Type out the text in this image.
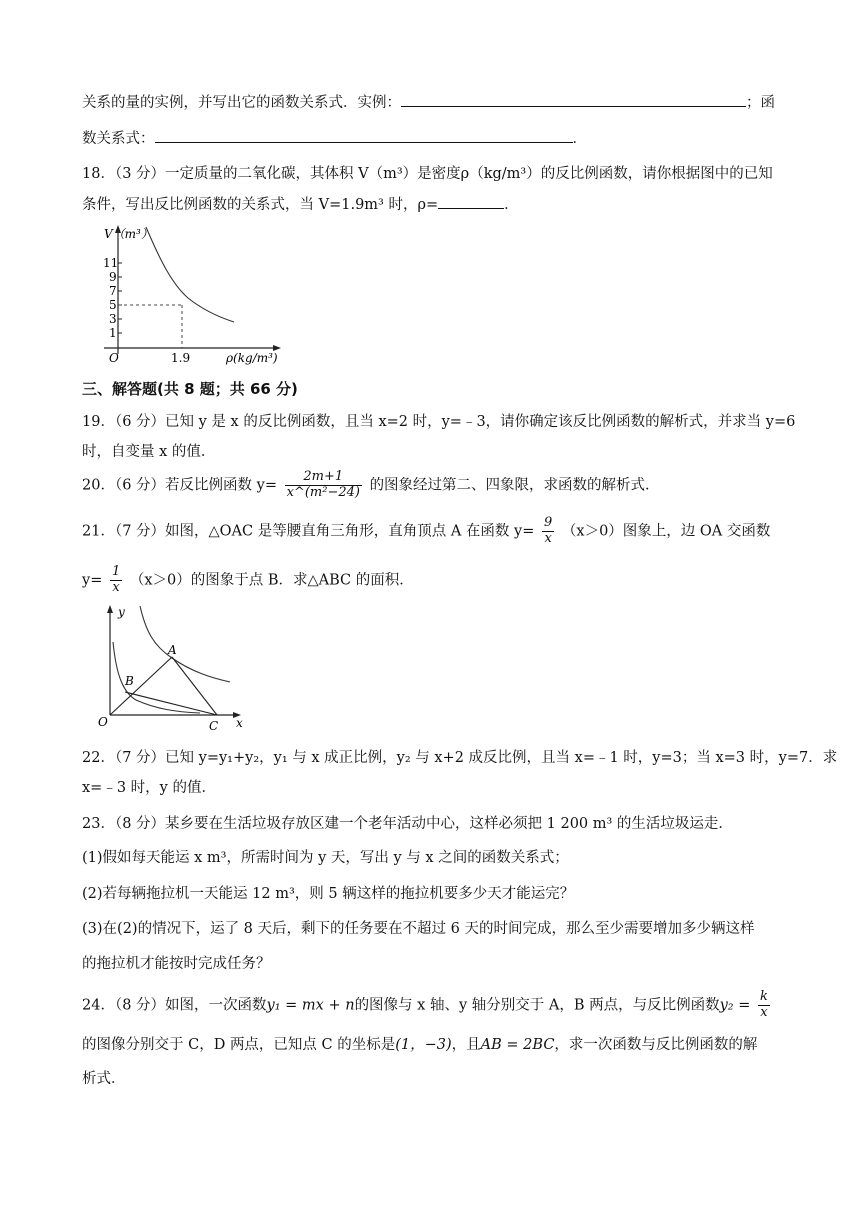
关系的量的实例，并写出它的函数关系式．实例：	；函
数关系式：	．
18．（3 分）一定质量的二氧化碳，其体积 V（m³）是密度ρ（kg/m³）的反比例函数，请你根据图中的已知
条件，写出反比例函数的关系式，当 V=1.9m³ 时，ρ=	．
V（m³）
11
9
7
5
3
1
O	1.9	ρ(kg/m³)
三、解答题(共 8 题；共 66 分)
19．（6 分）已知 y 是 x 的反比例函数，且当 x=2 时，y=﹣3，请你确定该反比例函数的解析式，并求当 y=6
时，自变量 x 的值．
20．（6 分）若反比例函数 $y= \frac{2m+1}{\text{x\textasciicircum{}(m²−24)}}$ 的图象经过第二、四象限，求函数的解析式．
21．（7 分）如图，△OAC 是等腰直角三角形，直角顶点 A 在函数 $y= \frac{9}{x} (x>0)$图象上，边 OA 交函数
$y= \frac{1}{x} (x>0)$的图象于点 B．求△ABC 的面积．
y
x
O
A
B
C
22．（7 分）已知 y=y₁+y₂，y₁ 与 x 成正比例，y₂ 与 x+2 成反比例，且当 x=﹣1 时，y=3；当 x=3 时，y=7．求
x=﹣3 时，y 的值．
23．（8 分）某乡要在生活垃圾存放区建一个老年活动中心，这样必须把 1 200 m³ 的生活垃圾运走．
(1)假如每天能运 x m³，所需时间为 y 天，写出 y 与 x 之间的函数关系式；
(2)若每辆拖拉机一天能运 12 m³，则 5 辆这样的拖拉机要多少天才能运完？
(3)在(2)的情况下，运了 8 天后，剩下的任务要在不超过 6 天的时间完成，那么至少需要增加多少辆这样
的拖拉机才能按时完成任务？
24．（8 分）如图，一次函数y₁ = mx + n的图像与 x 轴、y 轴分别交于 A，B 两点，与反比例函数$y_2 = \frac{k}{x}$
的图像分别交于 C，D 两点，已知点 C 的坐标是(1，−3)，且AB = 2BC，求一次函数与反比例函数的解
析式．
